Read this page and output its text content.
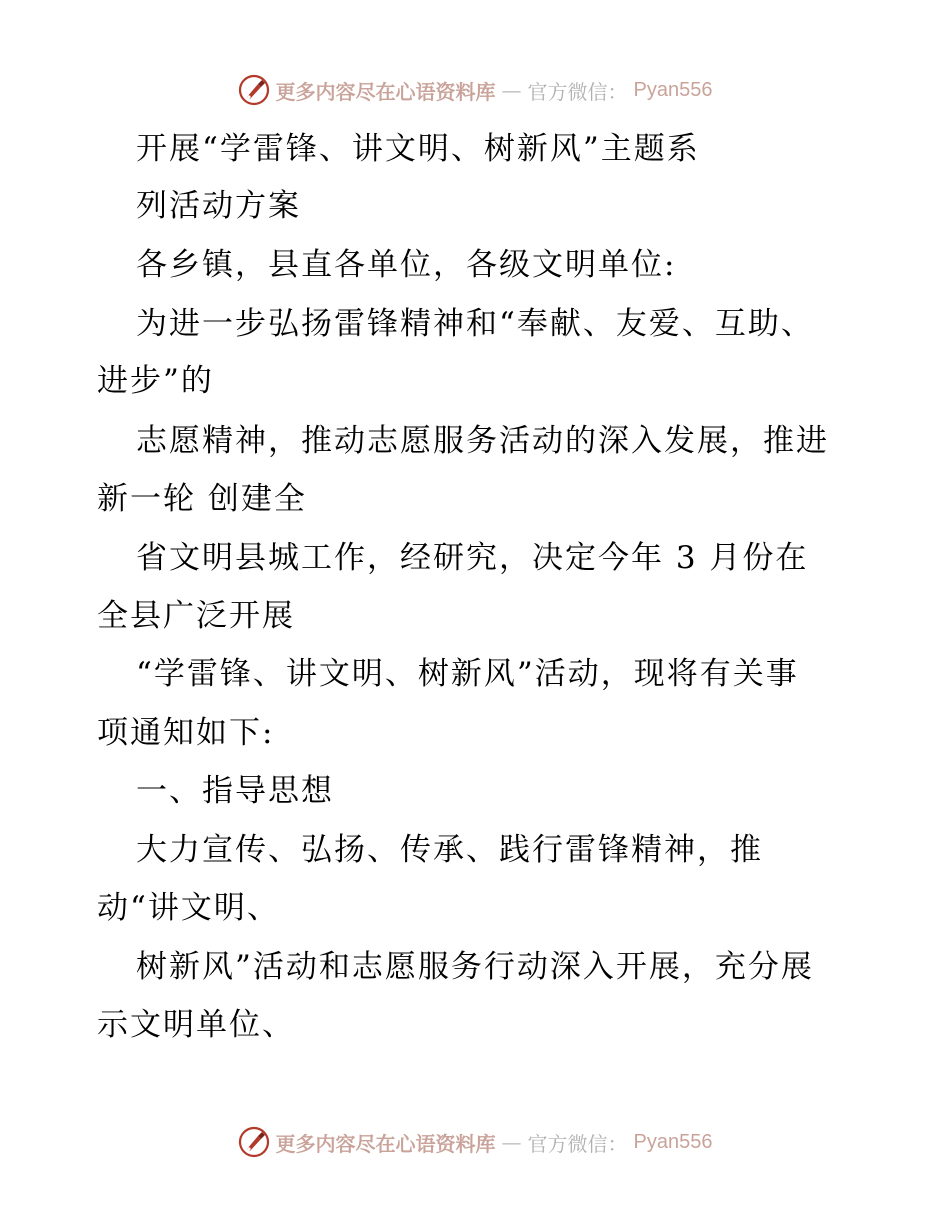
更多内容尽在心语资料库 — 官方微信： Pyan556
开展“学雷锋、讲文明、树新风”主题系
列活动方案
各乡镇，县直各单位，各级文明单位:
为进一步弘扬雷锋精神和“奉献、友爱、互助、
进步”的
志愿精神，推动志愿服务活动的深入发展，推进
新一轮 创建全
省文明县城工作，经研究，决定今年 3 月份在
全县广泛开展
“学雷锋、讲文明、树新风”活动，现将有关事
项通知如下:
一、指导思想
大力宣传、弘扬、传承、践行雷锋精神，推
动“讲文明、
树新风”活动和志愿服务行动深入开展，充分展
示文明单位、
更多内容尽在心语资料库 — 官方微信： Pyan556
